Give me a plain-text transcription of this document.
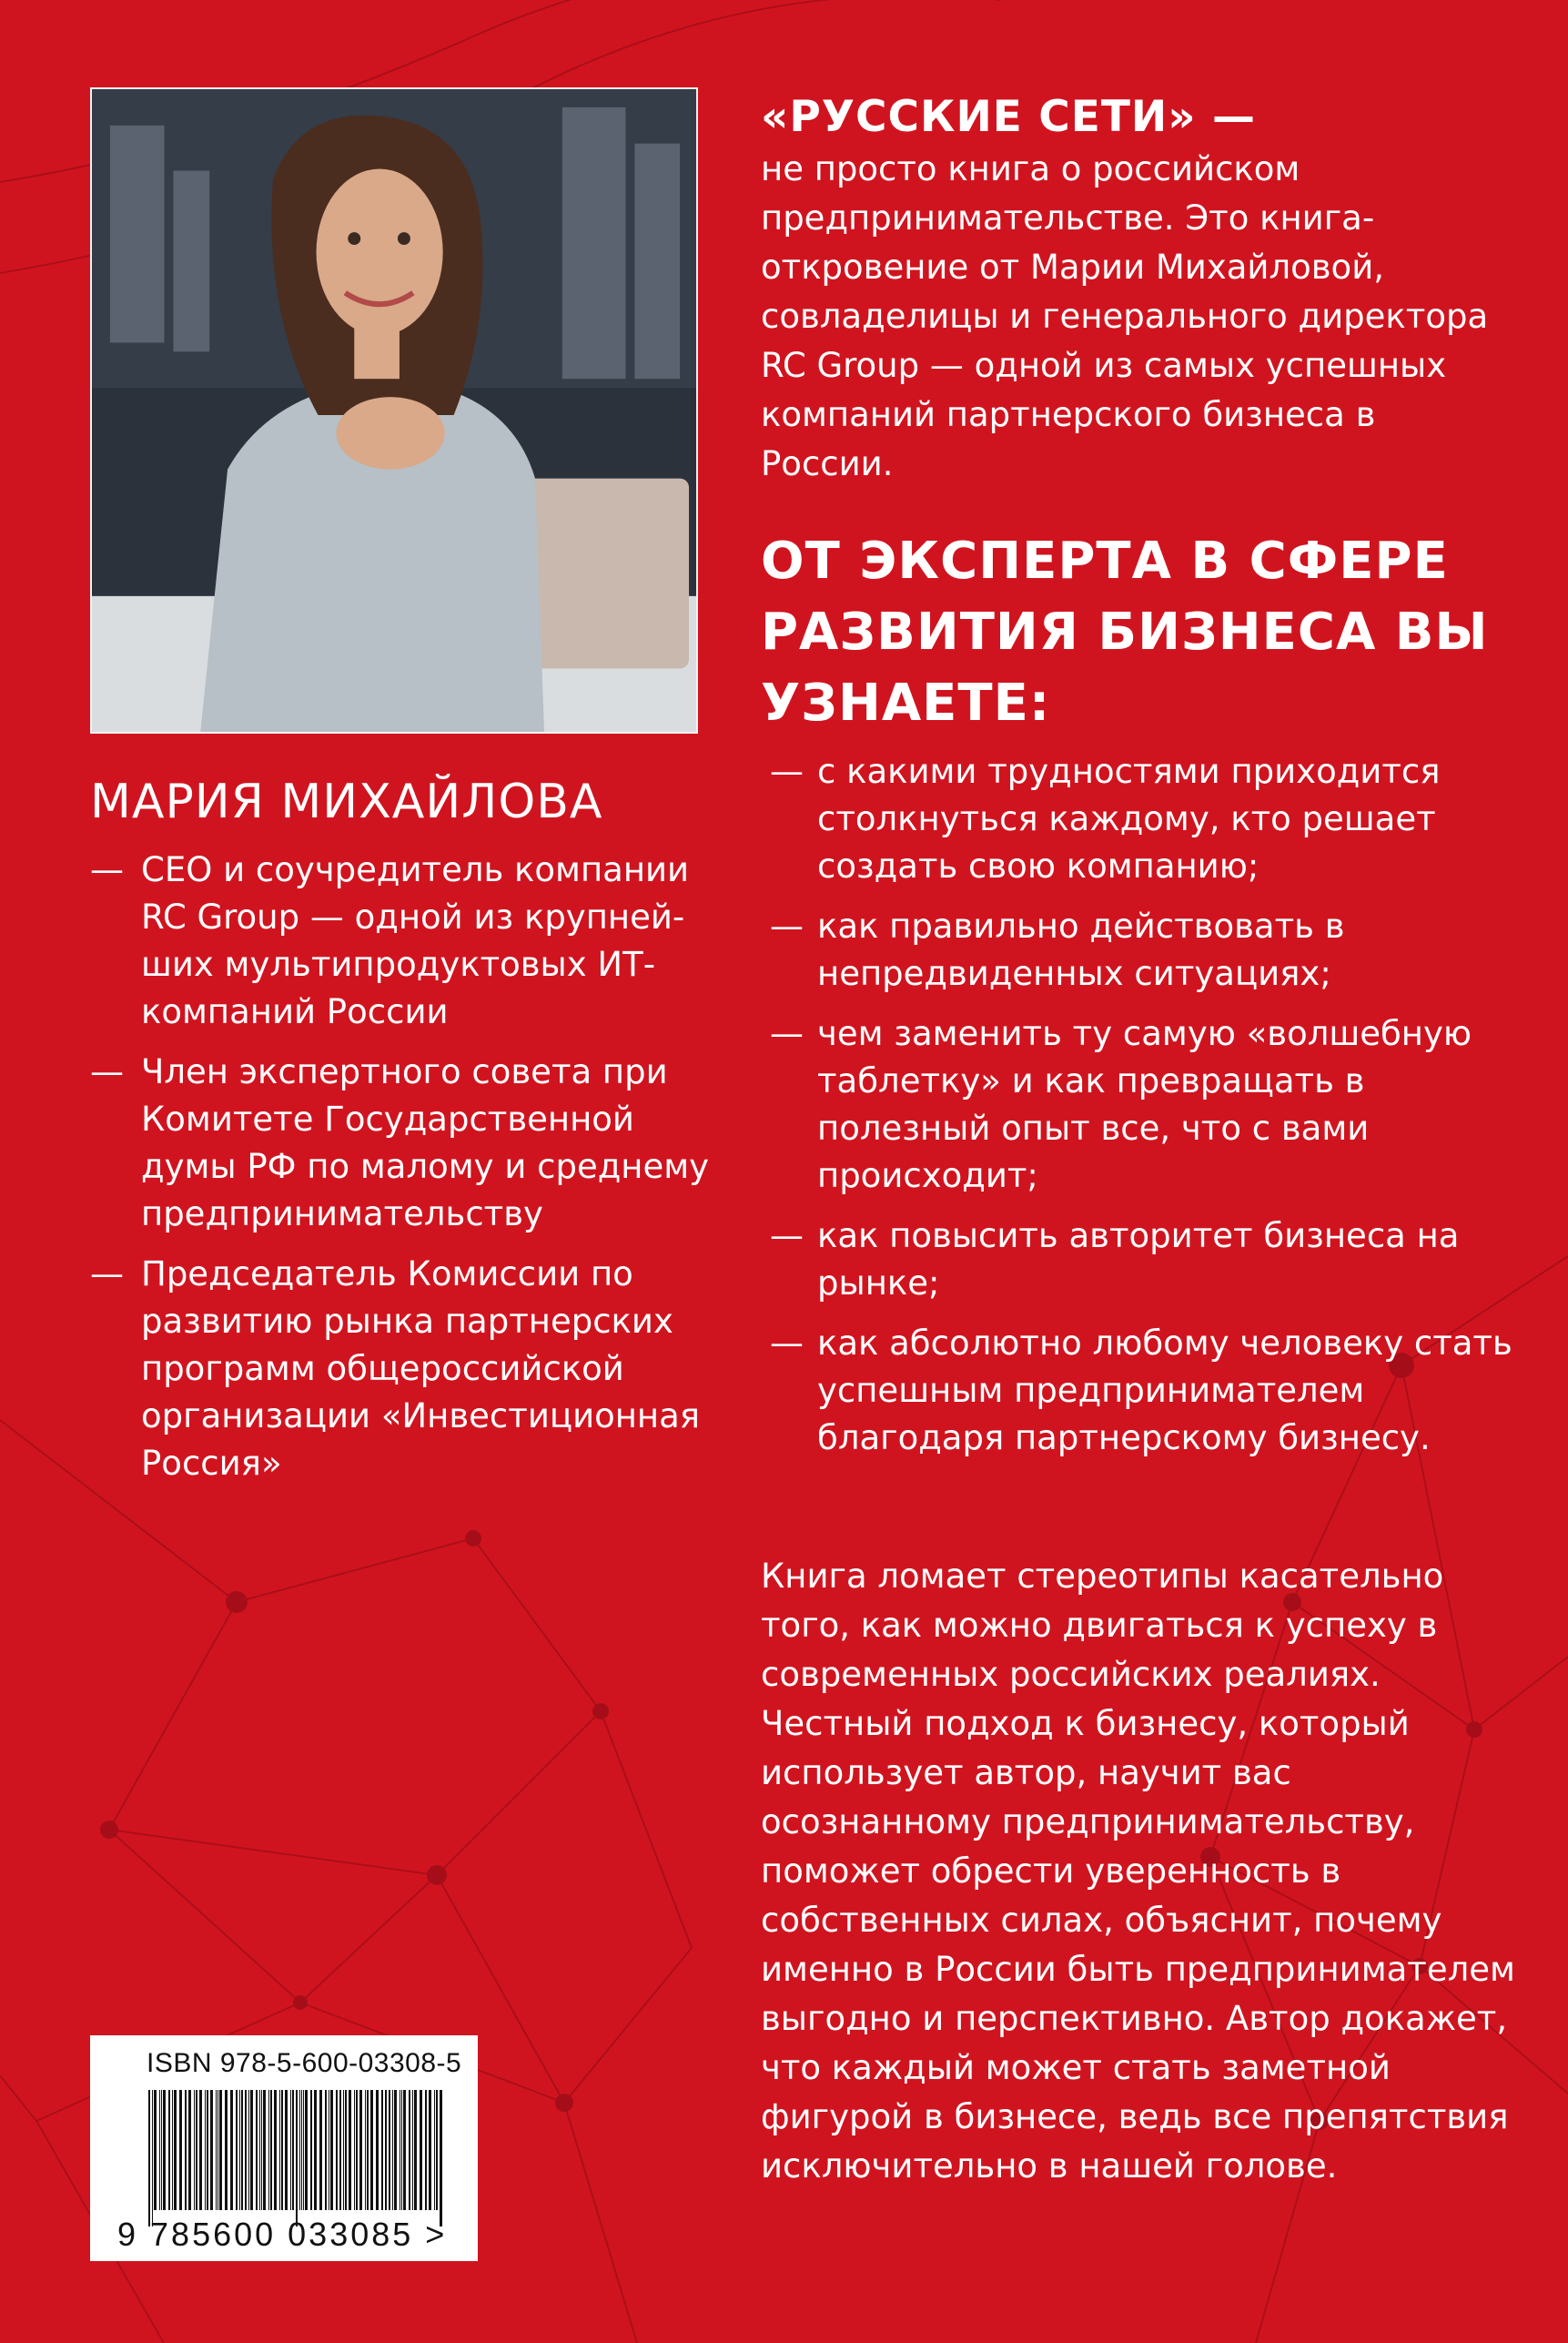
МАРИЯ МИХАЙЛОВА
— СЕО и соучредитель компании RC Group — одной из крупней-ших мультипродуктовых ИТ-компаний России
— Член экспертного совета при Комитете Государственной думы РФ по малому и среднему предпринимательству
— Председатель Комиссии по развитию рынка партнерских программ общероссийской организации «Инвестиционная Россия»

«РУССКИЕ СЕТИ» —
не просто книга о российском предпринимательстве. Это книга-откровение от Марии Михайловой, совладелицы и генерального директора RC Group — одной из самых успешных компаний партнерского бизнеса в России.

ОТ ЭКСПЕРТА В СФЕРЕ РАЗВИТИЯ БИЗНЕСА ВЫ УЗНАЕТЕ:
— с какими трудностями приходится столкнуться каждому, кто решает создать свою компанию;
— как правильно действовать в непредвиденных ситуациях;
— чем заменить ту самую «волшебную таблетку» и как превращать в полезный опыт все, что с вами происходит;
— как повысить авторитет бизнеса на рынке;
— как абсолютно любому человеку стать успешным предпринимателем благодаря партнерскому бизнесу.

Книга ломает стереотипы касательно того, как можно двигаться к успеху в современных российских реалиях. Честный подход к бизнесу, который использует автор, научит вас осознанному предпринимательству, поможет обрести уверенность в собственных силах, объяснит, почему именно в России быть предпринимателем выгодно и перспективно. Автор докажет, что каждый может стать заметной фигурой в бизнесе, ведь все препятствия исключительно в нашей голове.

ISBN 978-5-600-03308-5
9 785600 033085 >
